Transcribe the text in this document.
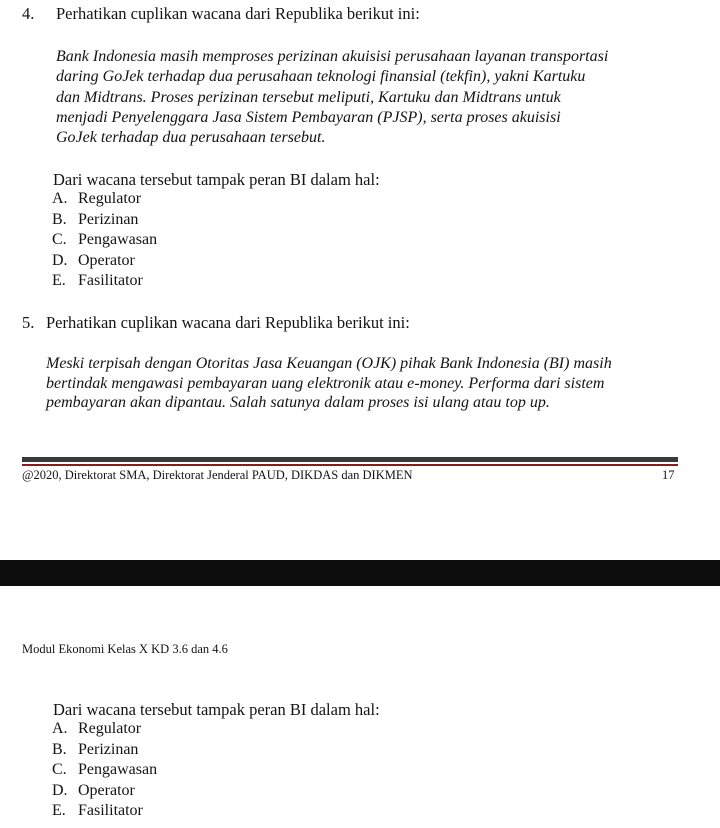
4. Perhatikan cuplikan wacana dari Republika berikut ini:
Bank Indonesia masih memproses perizinan akuisisi perusahaan layanan transportasi
daring GoJek terhadap dua perusahaan teknologi finansial (tekfin), yakni Kartuku
dan Midtrans. Proses perizinan tersebut meliputi, Kartuku dan Midtrans untuk
menjadi Penyelenggara Jasa Sistem Pembayaran (PJSP), serta proses akuisisi
GoJek terhadap dua perusahaan tersebut.
Dari wacana tersebut tampak peran BI dalam hal:
A. Regulator
B. Perizinan
C. Pengawasan
D. Operator
E. Fasilitator
5. Perhatikan cuplikan wacana dari Republika berikut ini:
Meski terpisah dengan Otoritas Jasa Keuangan (OJK) pihak Bank Indonesia (BI) masih
bertindak mengawasi pembayaran uang elektronik atau e-money. Performa dari sistem
pembayaran akan dipantau. Salah satunya dalam proses isi ulang atau top up.
@2020, Direktorat SMA, Direktorat Jenderal PAUD, DIKDAS dan DIKMEN	17
Modul Ekonomi Kelas X KD 3.6 dan 4.6
Dari wacana tersebut tampak peran BI dalam hal:
A. Regulator
B. Perizinan
C. Pengawasan
D. Operator
E. Fasilitator
